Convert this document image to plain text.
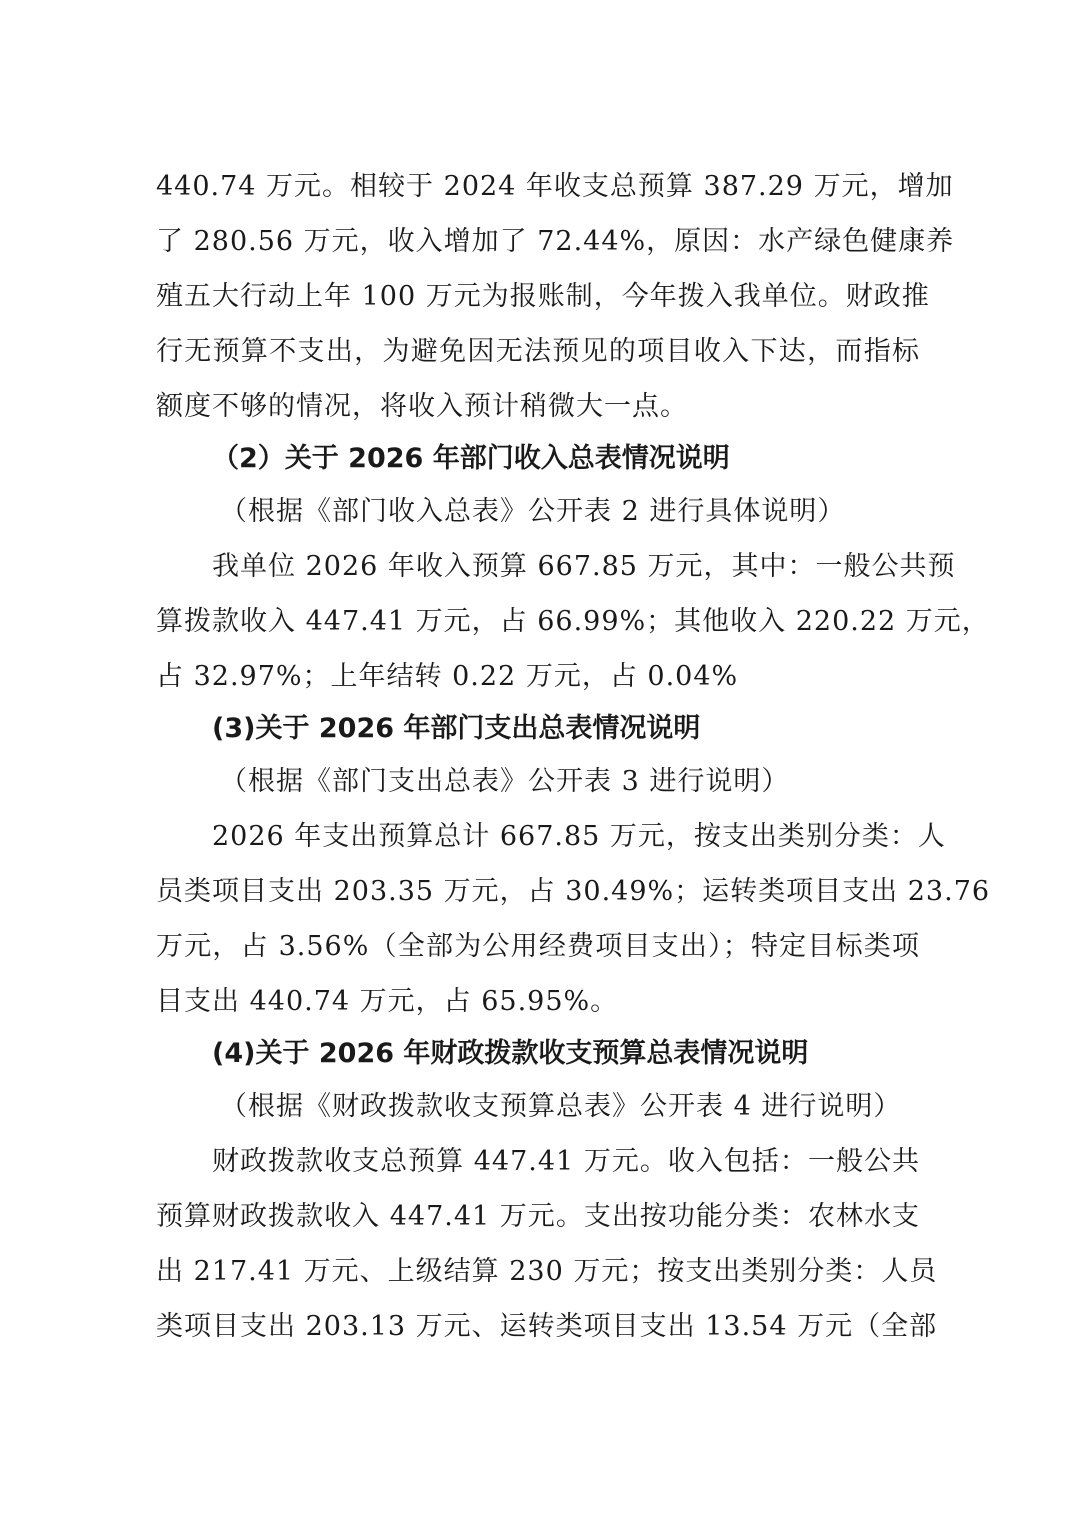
440.74 万元。相较于 2024 年收支总预算 387.29 万元，增加

了 280.56 万元，收入增加了 72.44%，原因：水产绿色健康养

殖五大行动上年 100 万元为报账制，今年拨入我单位。财政推

行无预算不支出，为避免因无法预见的项目收入下达，而指标

额度不够的情况，将收入预计稍微大一点。

（2）关于 2026 年部门收入总表情况说明

（根据《部门收入总表》公开表 2 进行具体说明）

我单位 2026 年收入预算 667.85 万元，其中：一般公共预

算拨款收入 447.41 万元，占 66.99%；其他收入 220.22 万元，

占 32.97%；上年结转 0.22 万元，占 0.04%

(3)关于 2026 年部门支出总表情况说明

（根据《部门支出总表》公开表 3 进行说明）

2026 年支出预算总计 667.85 万元，按支出类别分类：人

员类项目支出 203.35 万元，占 30.49%；运转类项目支出 23.76

万元，占 3.56%（全部为公用经费项目支出）；特定目标类项

目支出 440.74 万元，占 65.95%。

(4)关于 2026 年财政拨款收支预算总表情况说明

（根据《财政拨款收支预算总表》公开表 4 进行说明）

财政拨款收支总预算 447.41 万元。收入包括：一般公共

预算财政拨款收入 447.41 万元。支出按功能分类：农林水支

出 217.41 万元、上级结算 230 万元；按支出类别分类：人员

类项目支出 203.13 万元、运转类项目支出 13.54 万元（全部
